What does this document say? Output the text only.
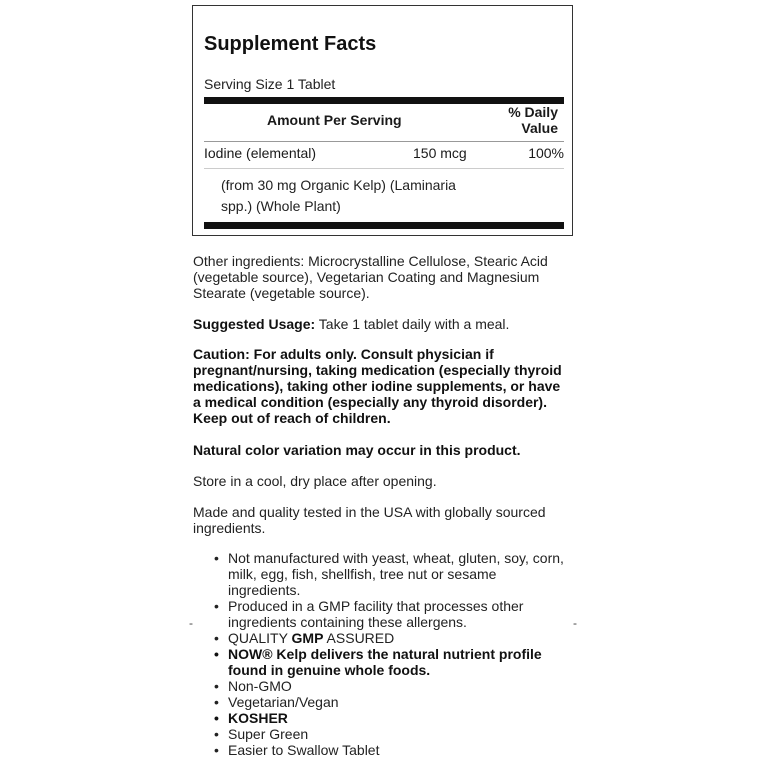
Supplement Facts
Serving Size 1 Tablet
Amount Per Serving	% Daily
Value
Iodine (elemental)	150 mcg	100%
(from 30 mg Organic Kelp) (Laminaria spp.) (Whole Plant)
Other ingredients: Microcrystalline Cellulose, Stearic Acid (vegetable source), Vegetarian Coating and Magnesium Stearate (vegetable source).
Suggested Usage: Take 1 tablet daily with a meal.
Caution: For adults only. Consult physician if pregnant/nursing, taking medication (especially thyroid medications), taking other iodine supplements, or have a medical condition (especially any thyroid disorder). Keep out of reach of children.
Natural color variation may occur in this product.
Store in a cool, dry place after opening.
Made and quality tested in the USA with globally sourced ingredients.
• Not manufactured with yeast, wheat, gluten, soy, corn, milk, egg, fish, shellfish, tree nut or sesame ingredients.
• Produced in a GMP facility that processes other ingredients containing these allergens.
• QUALITY GMP ASSURED
• NOW® Kelp delivers the natural nutrient profile found in genuine whole foods.
• Non-GMO
• Vegetarian/Vegan
• KOSHER
• Super Green
• Easier to Swallow Tablet
-	-
